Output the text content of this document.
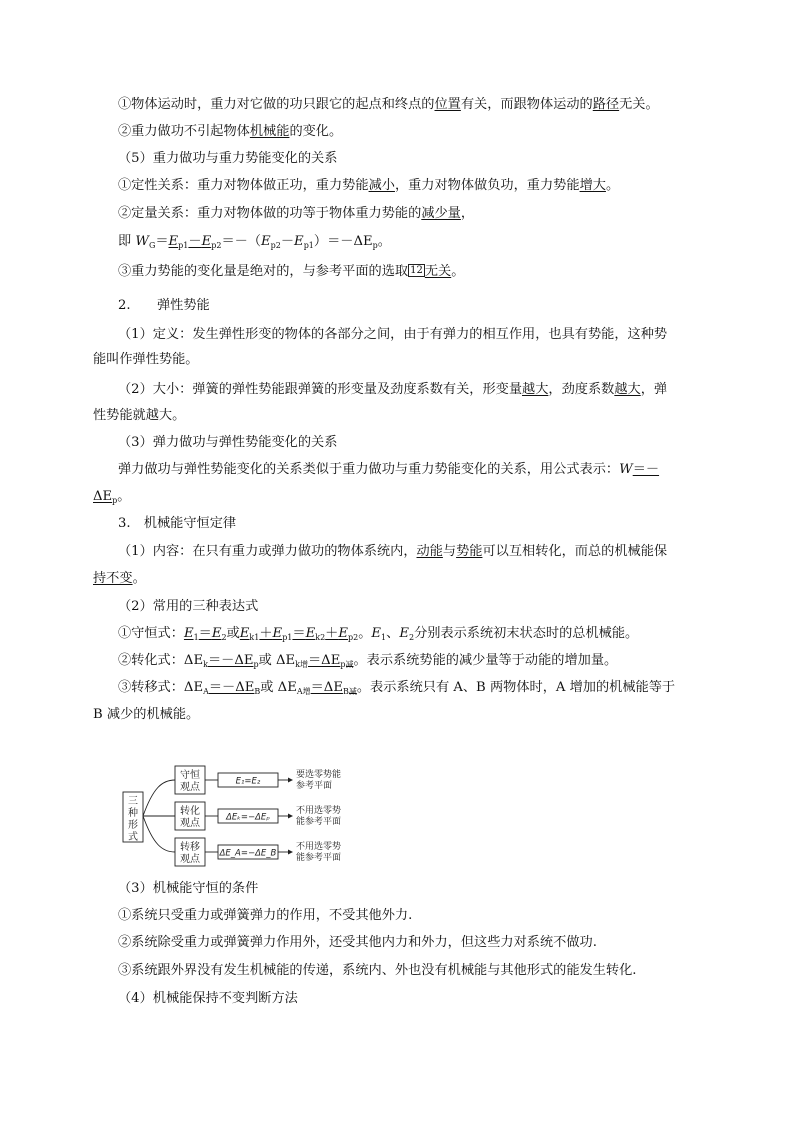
①物体运动时，重力对它做的功只跟它的起点和终点的位置有关，而跟物体运动的路径无关。
②重力做功不引起物体机械能的变化。
（5）重力做功与重力势能变化的关系
①定性关系：重力对物体做正功，重力势能减小，重力对物体做负功，重力势能增大。
②定量关系：重力对物体做的功等于物体重力势能的减少量，
即 $W_G=E_{p1}-E_{p2}=-(E_{p2}-E_{p1})=-\Delta E_p$。
③重力势能的变化量是绝对的，与参考平面的选取 12 无关。
2.　　弹性势能
（1）定义：发生弹性形变的物体的各部分之间，由于有弹力的相互作用，也具有势能，这种势
能叫作弹性势能。
（2）大小：弹簧的弹性势能跟弹簧的形变量及劲度系数有关，形变量越大，劲度系数越大，弹
性势能就越大。
（3）弹力做功与弹性势能变化的关系
弹力做功与弹性势能变化的关系类似于重力做功与重力势能变化的关系，用公式表示：W＝－
$\Delta E_p$。
3.　机械能守恒定律
（1）内容：在只有重力或弹力做功的物体系统内，动能与势能可以互相转化，而总的机械能保
持不变。
（2）常用的三种表达式
①守恒式：$E_1=E_2$或$E_{k1}+E_{p1}=E_{k2}+E_{p2}$。$E_1$、$E_2$分别表示系统初末状态时的总机械能。
②转化式：$\Delta E_k=-\Delta E_p$或 $\Delta E_{k增}=\Delta E_{p减}$。表示系统势能的减少量等于动能的增加量。
③转移式：$\Delta E_A=-\Delta E_B$或 $\Delta E_{A增}=\Delta E_{B减}$。表示系统只有 A、B 两物体时，A 增加的机械能等于
B 减少的机械能。
三
种
形
式
守恒
观点
转化
观点
转移
观点
E₁=E₂
ΔEₖ=−ΔEₚ
ΔE_A=−ΔE_B
要选零势能
参考平面
不用选零势
能参考平面
不用选零势
能参考平面
（3）机械能守恒的条件
①系统只受重力或弹簧弹力的作用，不受其他外力.
②系统除受重力或弹簧弹力作用外，还受其他内力和外力，但这些力对系统不做功.
③系统跟外界没有发生机械能的传递，系统内、外也没有机械能与其他形式的能发生转化.
（4）机械能保持不变判断方法
